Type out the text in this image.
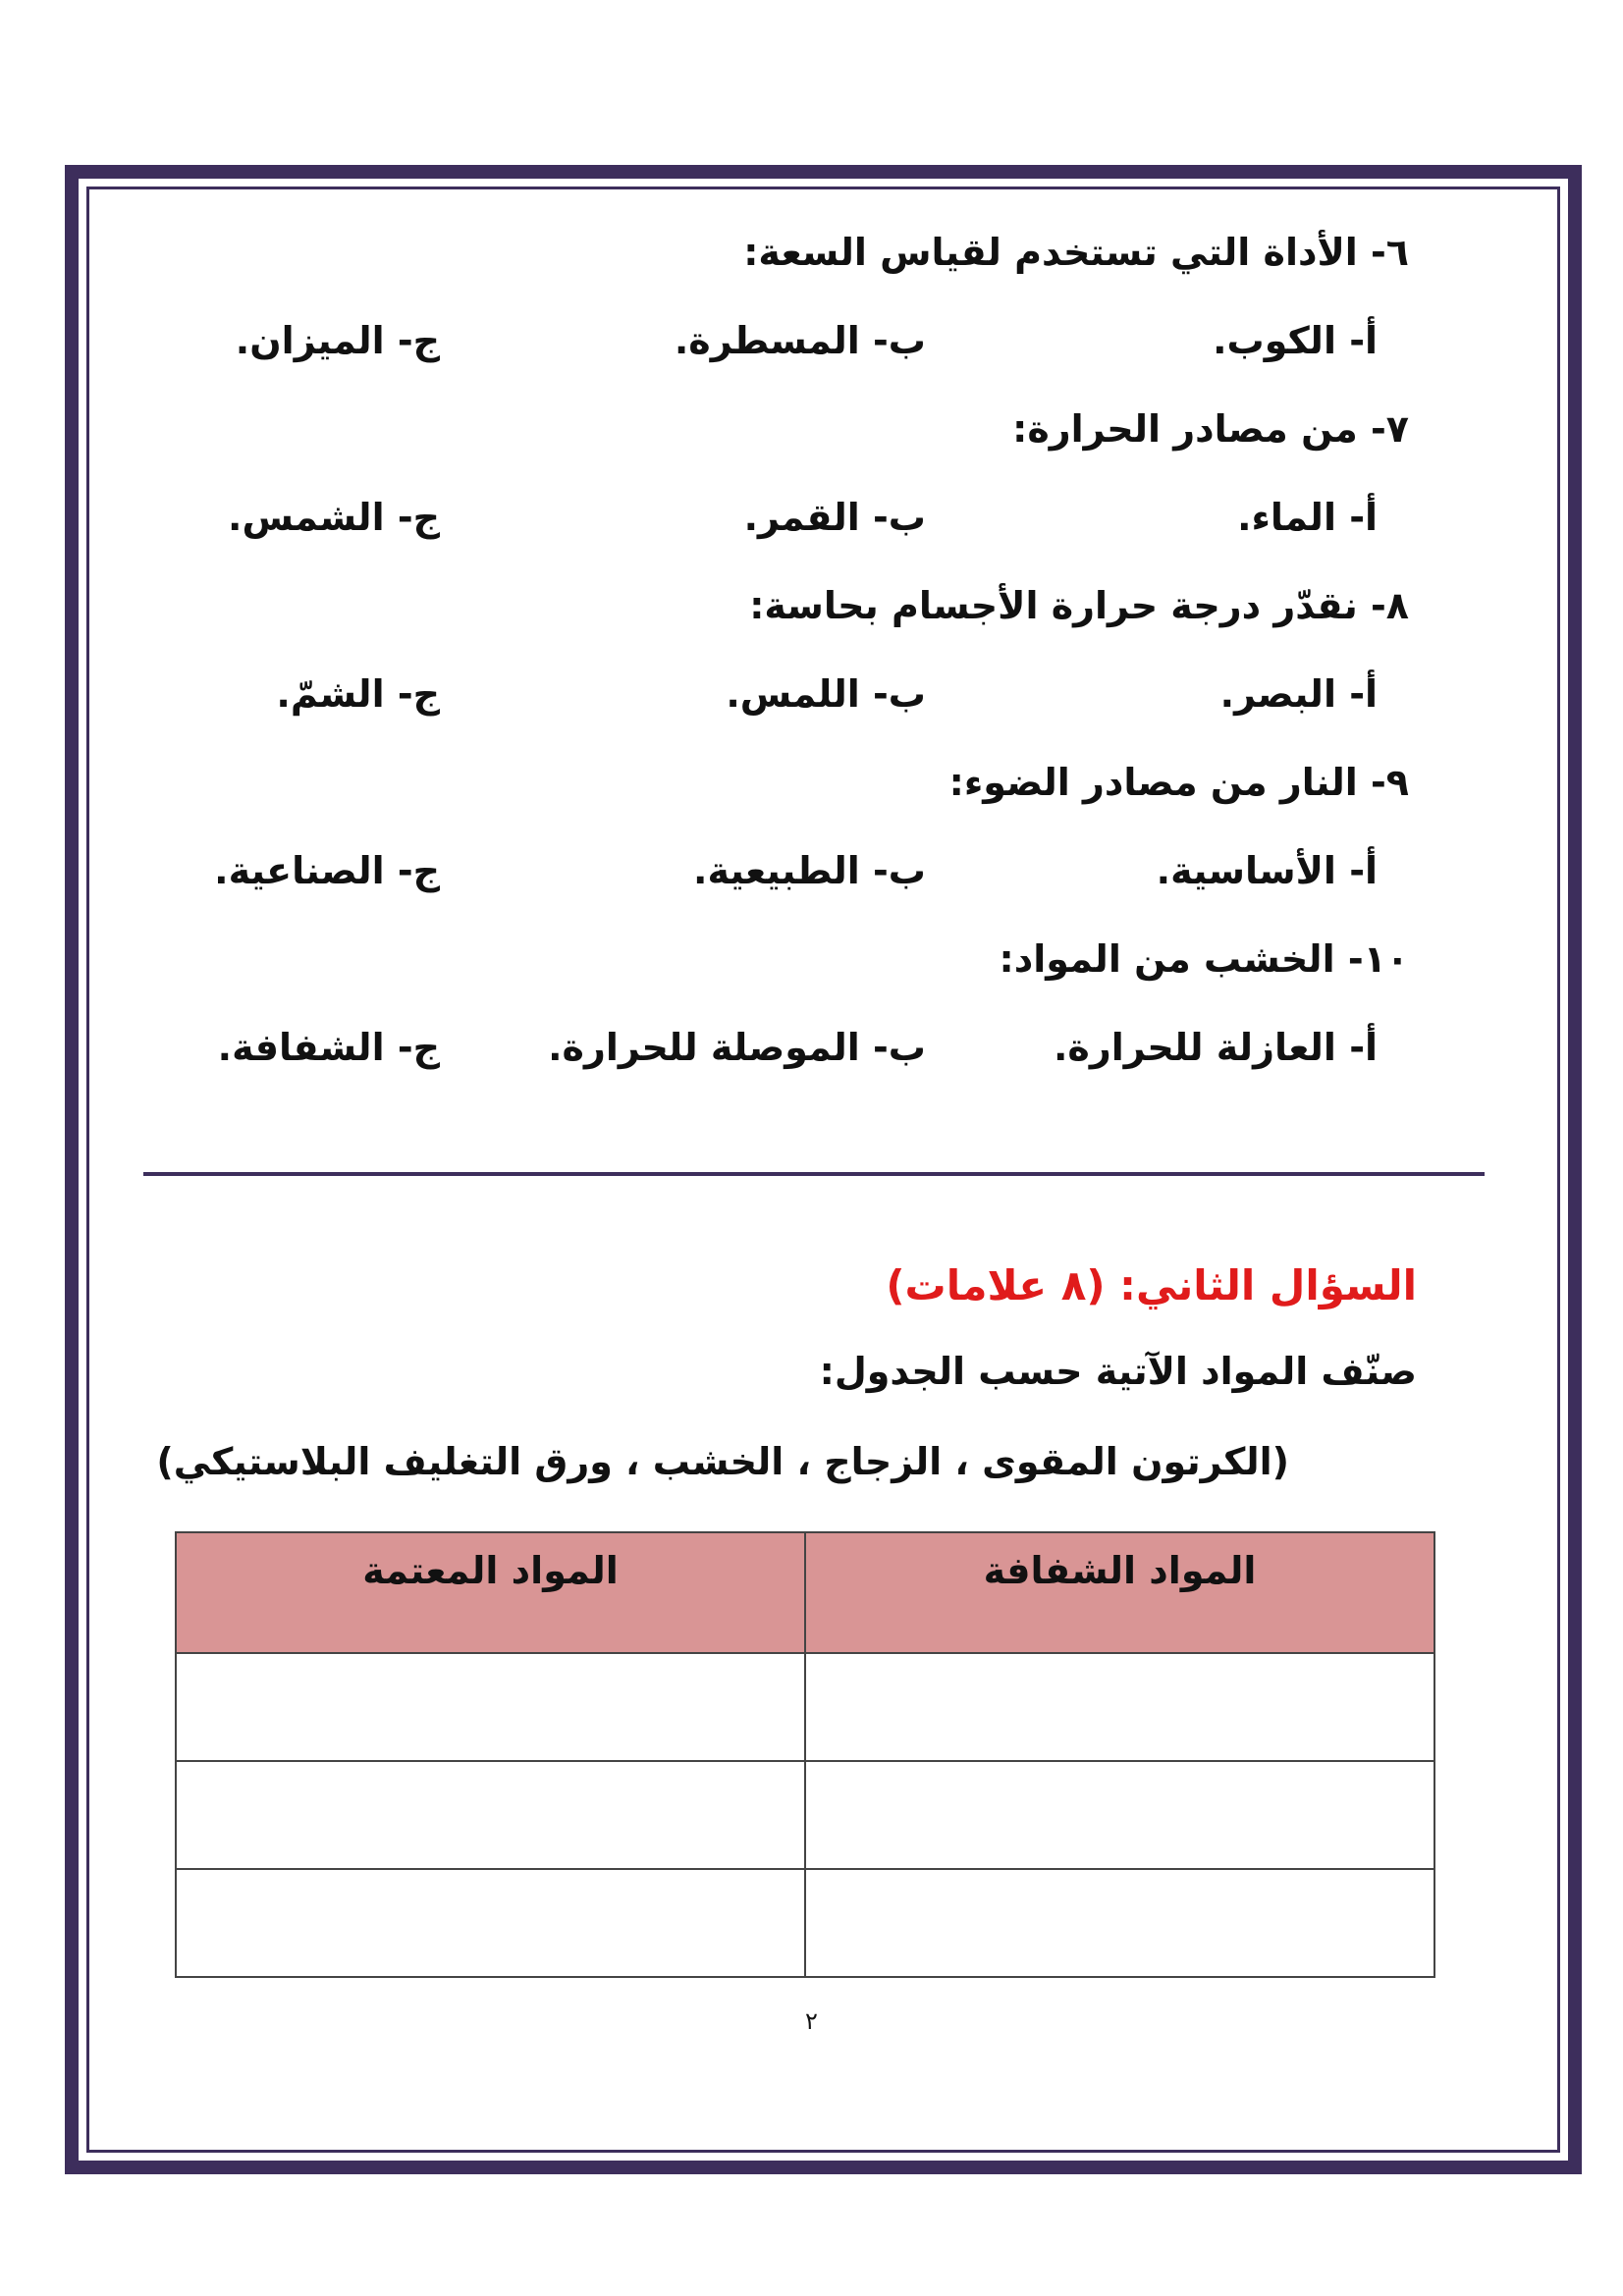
٦- الأداة التي تستخدم لقياس السعة:
أ- الكوب.
ب- المسطرة.
ج- الميزان.
٧- من مصادر الحرارة:
أ- الماء.
ب- القمر.
ج- الشمس.
٨- نقدّر درجة حرارة الأجسام بحاسة:
أ- البصر.
ب- اللمس.
ج- الشمّ.
٩- النار من مصادر الضوء:
أ- الأساسية.
ب- الطبيعية.
ج- الصناعية.
١٠- الخشب من المواد:
أ- العازلة للحرارة.
ب- الموصلة للحرارة.
ج- الشفافة.
السؤال الثاني: (٨ علامات)
صنّف المواد الآتية حسب الجدول:
(الكرتون المقوى ، الزجاج ، الخشب ، ورق التغليف البلاستيكي)
المواد الشفافة	المواد المعتمة

٢
